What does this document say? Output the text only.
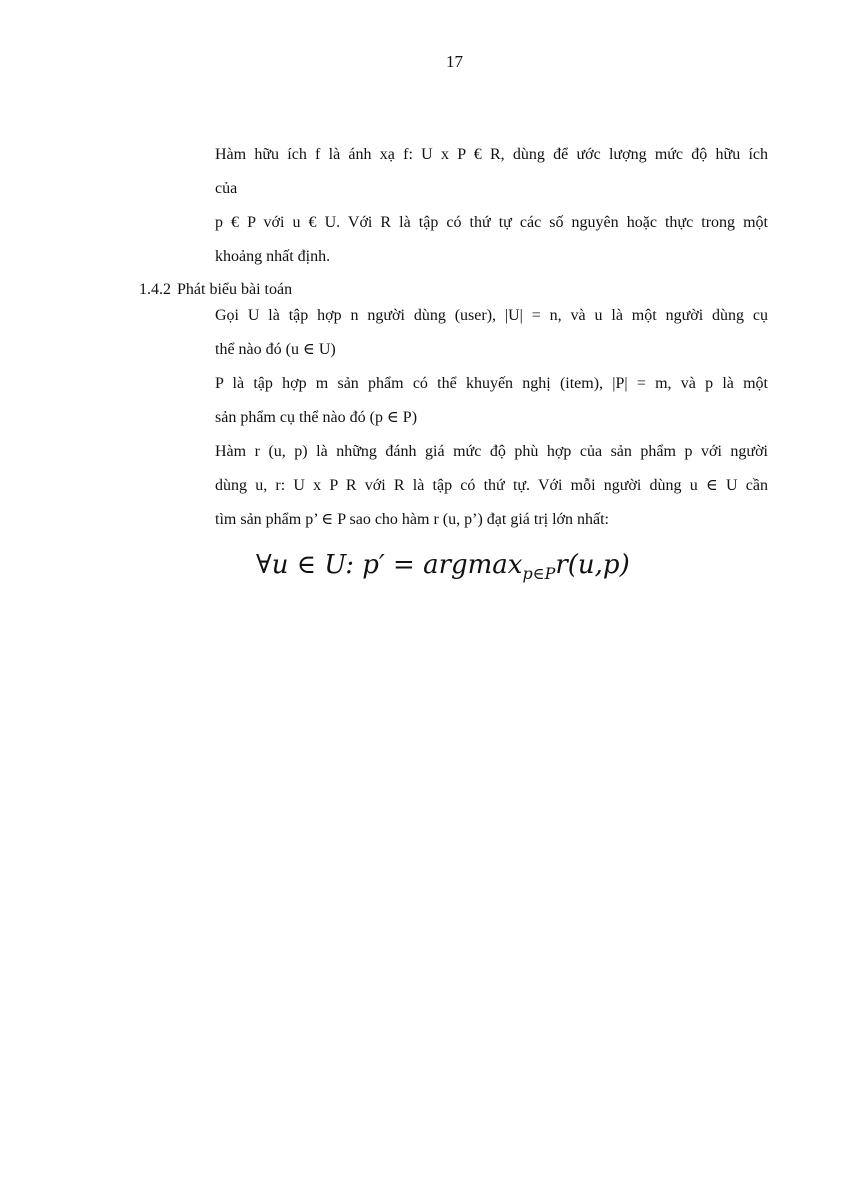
17
Hàm hữu ích f là ánh xạ f: U x P € R, dùng để ước lượng mức độ hữu ích
của
p € P với u € U. Với R là tập có thứ tự các số nguyên hoặc thực trong một
khoảng nhất định.
1.4.2 Phát biểu bài toán
Gọi U là tập hợp n người dùng (user), |U| = n, và u là một người dùng cụ
thể nào đó (u ∈ U)
P là tập hợp m sản phẩm có thể khuyến nghị (item), |P| = m, và p là một
sản phẩm cụ thể nào đó (p ∈ P)
Hàm r (u, p) là những đánh giá mức độ phù hợp của sản phẩm p với người
dùng u, r: U x P R với R là tập có thứ tự. Với mỗi người dùng u ∈ U cần
tìm sản phẩm p’ ∈ P sao cho hàm r (u, p’) đạt giá trị lớn nhất:
∀u ∈ U: p′ = argmax$_{p\in P}$r(u,p)
